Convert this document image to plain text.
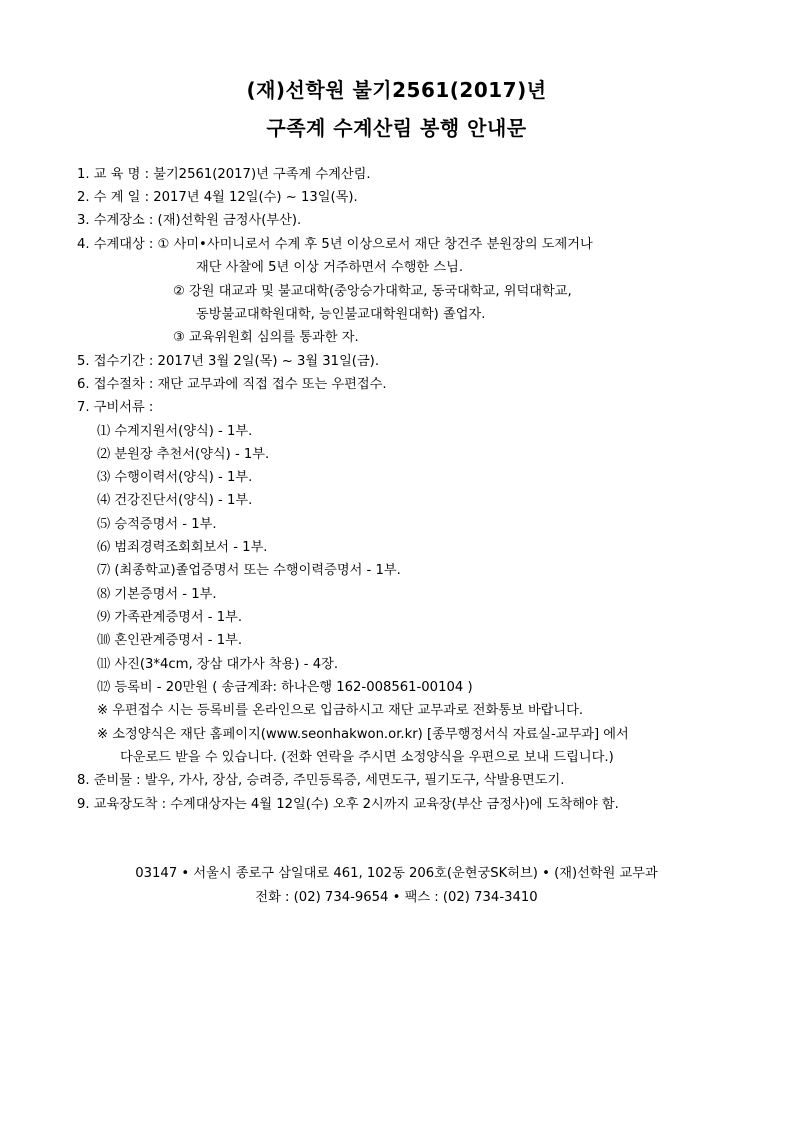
(재)선학원 불기2561(2017)년
구족계 수계산림 봉행 안내문
1. 교 육 명 : 불기2561(2017)년 구족계 수계산림.
2. 수 계 일 : 2017년 4월 12일(수) ~ 13일(목).
3. 수계장소 : (재)선학원 금정사(부산).
4. 수계대상 : ① 사미•사미니로서 수계 후 5년 이상으로서 재단 창건주 분원장의 도제거나
재단 사찰에 5년 이상 거주하면서 수행한 스님.
② 강원 대교과 및 불교대학(중앙승가대학교, 동국대학교, 위덕대학교,
동방불교대학원대학, 능인불교대학원대학) 졸업자.
③ 교육위원회 심의를 통과한 자.
5. 접수기간 : 2017년 3월 2일(목) ~ 3월 31일(금).
6. 접수절차 : 재단 교무과에 직접 접수 또는 우편접수.
7. 구비서류 :
⑴ 수계지원서(양식) - 1부.
⑵ 분원장 추천서(양식) - 1부.
⑶ 수행이력서(양식) - 1부.
⑷ 건강진단서(양식) - 1부.
⑸ 승적증명서 - 1부.
⑹ 범죄경력조회회보서 - 1부.
⑺ (최종학교)졸업증명서 또는 수행이력증명서 - 1부.
⑻ 기본증명서 - 1부.
⑼ 가족관계증명서 - 1부.
⑽ 혼인관계증명서 - 1부.
⑾ 사진(3*4cm, 장삼 대가사 착용) - 4장.
⑿ 등록비 - 20만원 ( 송금계좌: 하나은행 162-008561-00104 )
※ 우편접수 시는 등록비를 온라인으로 입금하시고 재단 교무과로 전화통보 바랍니다.
※ 소정양식은 재단 홈페이지(www.seonhakwon.or.kr) [종무행정서식 자료실-교무과] 에서
다운로드 받을 수 있습니다. (전화 연락을 주시면 소정양식을 우편으로 보내 드립니다.)
8. 준비물 : 발우, 가사, 장삼, 승려증, 주민등록증, 세면도구, 필기도구, 삭발용면도기.
9. 교육장도착 : 수계대상자는 4월 12일(수) 오후 2시까지 교육장(부산 금정사)에 도착해야 함.
03147 • 서울시 종로구 삼일대로 461, 102동 206호(운현궁SK허브) • (재)선학원 교무과
전화 : (02) 734-9654 • 팩스 : (02) 734-3410
